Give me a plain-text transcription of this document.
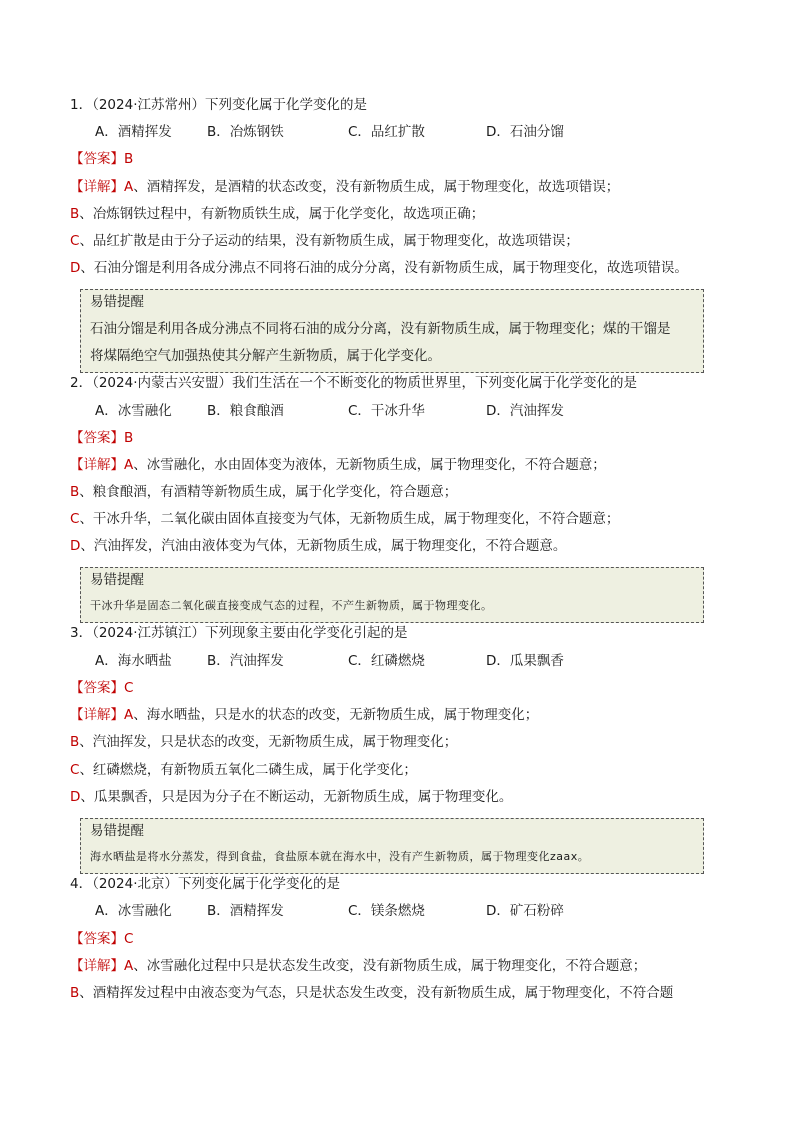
1．（2024·江苏常州）下列变化属于化学变化的是
A．酒精挥发	B．冶炼钢铁	C．品红扩散	D．石油分馏
【答案】B
【详解】A、酒精挥发，是酒精的状态改变，没有新物质生成，属于物理变化，故选项错误；
B、冶炼钢铁过程中，有新物质铁生成，属于化学变化，故选项正确；
C、品红扩散是由于分子运动的结果，没有新物质生成，属于物理变化，故选项错误；
D、石油分馏是利用各成分沸点不同将石油的成分分离，没有新物质生成，属于物理变化，故选项错误。
易错提醒
石油分馏是利用各成分沸点不同将石油的成分分离，没有新物质生成，属于物理变化；煤的干馏是
将煤隔绝空气加强热使其分解产生新物质，属于化学变化。
2．（2024·内蒙古兴安盟）我们生活在一个不断变化的物质世界里，下列变化属于化学变化的是
A．冰雪融化	B．粮食酿酒	C．干冰升华	D．汽油挥发
【答案】B
【详解】A、冰雪融化，水由固体变为液体，无新物质生成，属于物理变化，不符合题意；
B、粮食酿酒，有酒精等新物质生成，属于化学变化，符合题意；
C、干冰升华，二氧化碳由固体直接变为气体，无新物质生成，属于物理变化，不符合题意；
D、汽油挥发，汽油由液体变为气体，无新物质生成，属于物理变化，不符合题意。
易错提醒
干冰升华是固态二氧化碳直接变成气态的过程，不产生新物质，属于物理变化。
3．（2024·江苏镇江）下列现象主要由化学变化引起的是
A．海水晒盐	B．汽油挥发	C．红磷燃烧	D．瓜果飘香
【答案】C
【详解】A、海水晒盐，只是水的状态的改变，无新物质生成，属于物理变化；
B、汽油挥发，只是状态的改变，无新物质生成，属于物理变化；
C、红磷燃烧，有新物质五氧化二磷生成，属于化学变化；
D、瓜果飘香，只是因为分子在不断运动，无新物质生成，属于物理变化。
易错提醒
海水晒盐是将水分蒸发，得到食盐，食盐原本就在海水中，没有产生新物质，属于物理变化zaax。
4．（2024·北京）下列变化属于化学变化的是
A．冰雪融化	B．酒精挥发	C．镁条燃烧	D．矿石粉碎
【答案】C
【详解】A、冰雪融化过程中只是状态发生改变，没有新物质生成，属于物理变化，不符合题意；
B、酒精挥发过程中由液态变为气态，只是状态发生改变，没有新物质生成，属于物理变化，不符合题
